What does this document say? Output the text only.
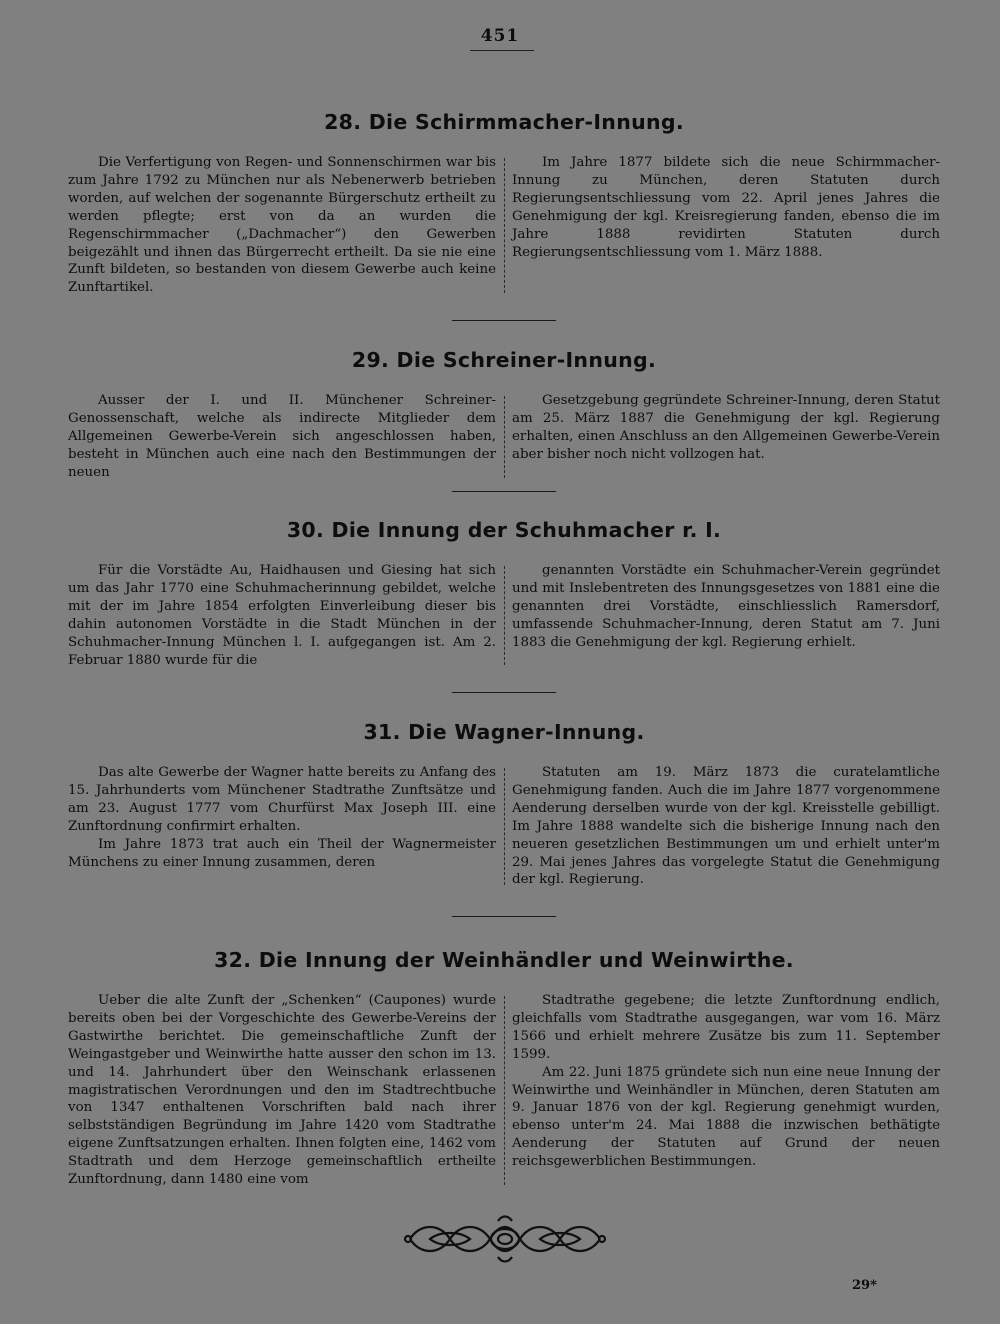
451
28. Die Schirmmacher-Innung.

Die Verfertigung von Regen- und Sonnenschirmen war bis zum Jahre 1792 zu München nur als Nebenerwerb betrieben worden, auf welchen der sogenannte Bürgerschutz ertheilt zu werden pflegte; erst von da an wurden die Regenschirmmacher („Dachmacher“) den Gewerben beigezählt und ihnen das Bürgerrecht ertheilt. Da sie nie eine Zunft bildeten, so bestanden von diesem Gewerbe auch keine Zunftartikel.

Im Jahre 1877 bildete sich die neue Schirmmacher-Innung zu München, deren Statuten durch Regierungsentschliessung vom 22. April jenes Jahres die Genehmigung der kgl. Kreisregierung fanden, ebenso die im Jahre 1888 revidirten Statuten durch Regierungsentschliessung vom 1. März 1888.

29. Die Schreiner-Innung.

Ausser der I. und II. Münchener Schreiner-Genossenschaft, welche als indirecte Mitglieder dem Allgemeinen Gewerbe-Verein sich angeschlossen haben, besteht in München auch eine nach den Bestimmungen der neuen

Gesetzgebung gegründete Schreiner-Innung, deren Statut am 25. März 1887 die Genehmigung der kgl. Regierung erhalten, einen Anschluss an den Allgemeinen Gewerbe-Verein aber bisher noch nicht vollzogen hat.

30. Die Innung der Schuhmacher r. I.

Für die Vorstädte Au, Haidhausen und Giesing hat sich um das Jahr 1770 eine Schuhmacherinnung gebildet, welche mit der im Jahre 1854 erfolgten Einverleibung dieser bis dahin autonomen Vorstädte in die Stadt München in der Schuhmacher-Innung München l. I. aufgegangen ist. Am 2. Februar 1880 wurde für die

genannten Vorstädte ein Schuhmacher-Verein gegründet und mit Inslebentreten des Innungsgesetzes von 1881 eine die genannten drei Vorstädte, einschliesslich Ramersdorf, umfassende Schuhmacher-Innung, deren Statut am 7. Juni 1883 die Genehmigung der kgl. Regierung erhielt.

31. Die Wagner-Innung.

Das alte Gewerbe der Wagner hatte bereits zu Anfang des 15. Jahrhunderts vom Münchener Stadtrathe Zunftsätze und am 23. August 1777 vom Churfürst Max Joseph III. eine Zunftordnung confirmirt erhalten.

Im Jahre 1873 trat auch ein Theil der Wagnermeister Münchens zu einer Innung zusammen, deren

Statuten am 19. März 1873 die curatelamtliche Genehmigung fanden. Auch die im Jahre 1877 vorgenommene Aenderung derselben wurde von der kgl. Kreisstelle gebilligt. Im Jahre 1888 wandelte sich die bisherige Innung nach den neueren gesetzlichen Bestimmungen um und erhielt unter'm 29. Mai jenes Jahres das vorgelegte Statut die Genehmigung der kgl. Regierung.

32. Die Innung der Weinhändler und Weinwirthe.

Ueber die alte Zunft der „Schenken“ (Caupones) wurde bereits oben bei der Vorgeschichte des Gewerbe-Vereins der Gastwirthe berichtet. Die gemeinschaftliche Zunft der Weingastgeber und Weinwirthe hatte ausser den schon im 13. und 14. Jahrhundert über den Weinschank erlassenen magistratischen Verordnungen und den im Stadtrechtbuche von 1347 enthaltenen Vorschriften bald nach ihrer selbstständigen Begründung im Jahre 1420 vom Stadtrathe eigene Zunftsatzungen erhalten. Ihnen folgten eine, 1462 vom Stadtrath und dem Herzoge gemeinschaftlich ertheilte Zunftordnung, dann 1480 eine vom

Stadtrathe gegebene; die letzte Zunftordnung endlich, gleichfalls vom Stadtrathe ausgegangen, war vom 16. März 1566 und erhielt mehrere Zusätze bis zum 11. September 1599.

Am 22. Juni 1875 gründete sich nun eine neue Innung der Weinwirthe und Weinhändler in München, deren Statuten am 9. Januar 1876 von der kgl. Regierung genehmigt wurden, ebenso unter'm 24. Mai 1888 die inzwischen bethätigte Aenderung der Statuten auf Grund der neuen reichsgewerblichen Bestimmungen.

29*
